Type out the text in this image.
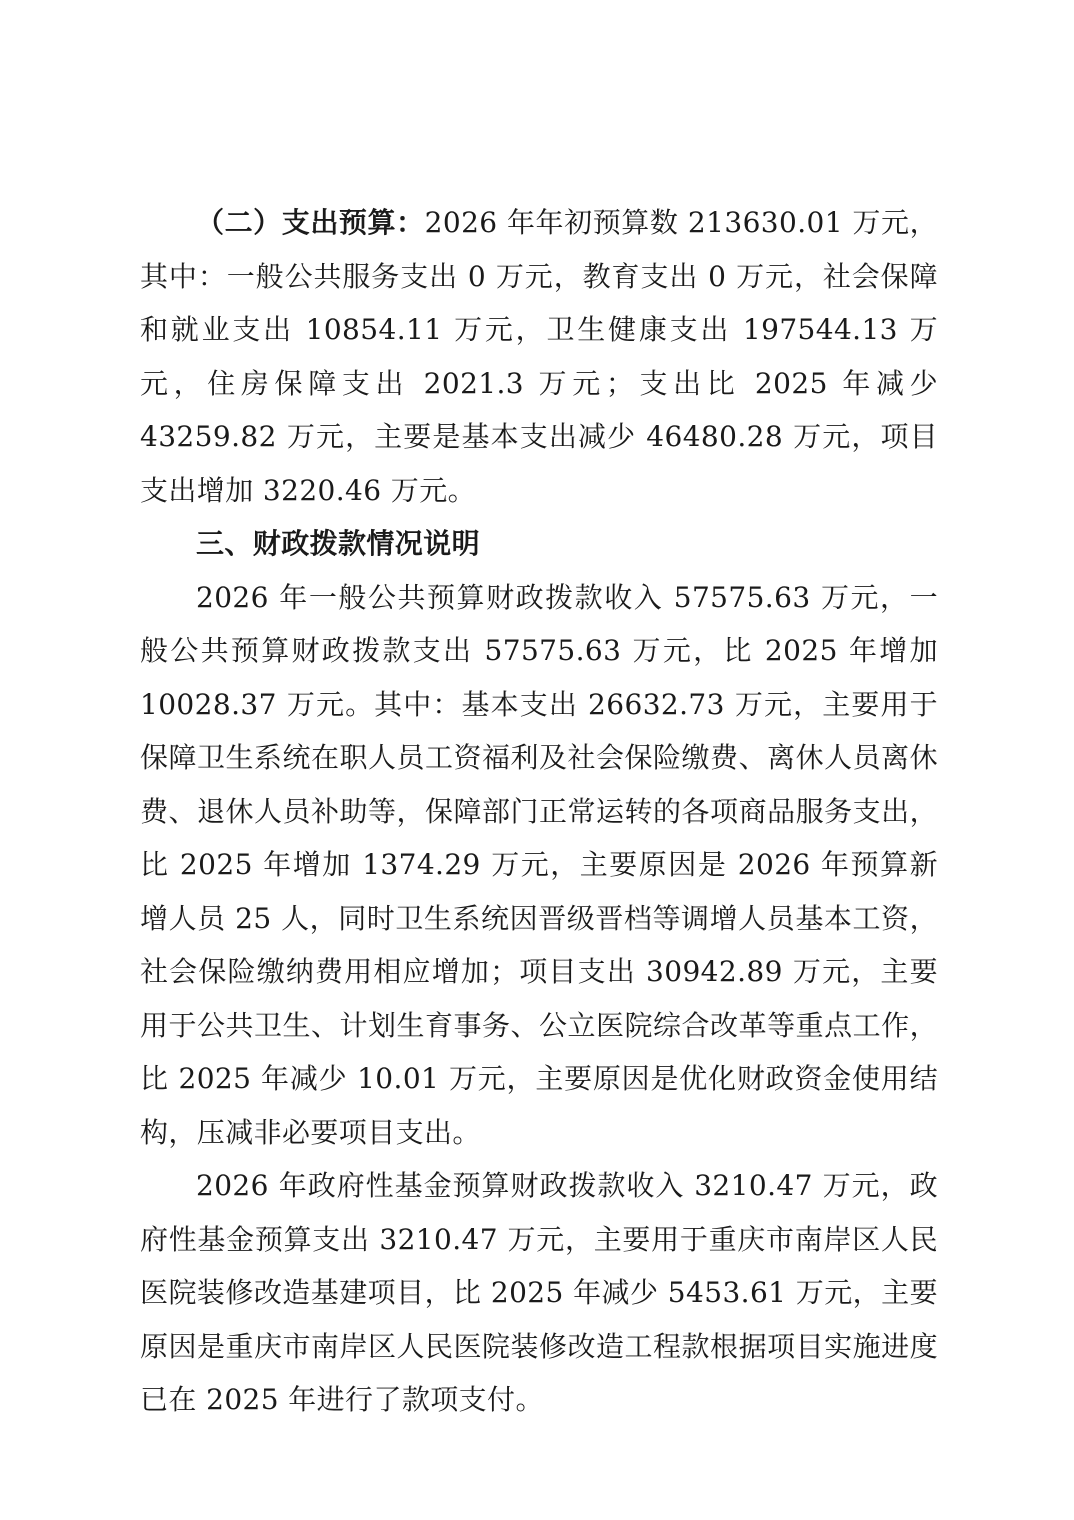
（二）支出预算：2026 年年初预算数 213630.01 万元，其中：一般公共服务支出 0 万元，教育支出 0 万元，社会保障和就业支出 10854.11 万元，卫生健康支出 197544.13 万元，住房保障支出 2021.3 万元；支出比 2025 年减少 43259.82 万元，主要是基本支出减少 46480.28 万元，项目支出增加 3220.46 万元。

三、财政拨款情况说明

2026 年一般公共预算财政拨款收入 57575.63 万元，一般公共预算财政拨款支出 57575.63 万元，比 2025 年增加 10028.37 万元。其中：基本支出 26632.73 万元，主要用于保障卫生系统在职人员工资福利及社会保险缴费、离休人员离休费、退休人员补助等，保障部门正常运转的各项商品服务支出，比 2025 年增加 1374.29 万元，主要原因是 2026 年预算新增人员 25 人，同时卫生系统因晋级晋档等调增人员基本工资，社会保险缴纳费用相应增加；项目支出 30942.89 万元，主要用于公共卫生、计划生育事务、公立医院综合改革等重点工作，比 2025 年减少 10.01 万元，主要原因是优化财政资金使用结构，压减非必要项目支出。

2026 年政府性基金预算财政拨款收入 3210.47 万元，政府性基金预算支出 3210.47 万元，主要用于重庆市南岸区人民医院装修改造基建项目，比 2025 年减少 5453.61 万元，主要原因是重庆市南岸区人民医院装修改造工程款根据项目实施进度已在 2025 年进行了款项支付。
